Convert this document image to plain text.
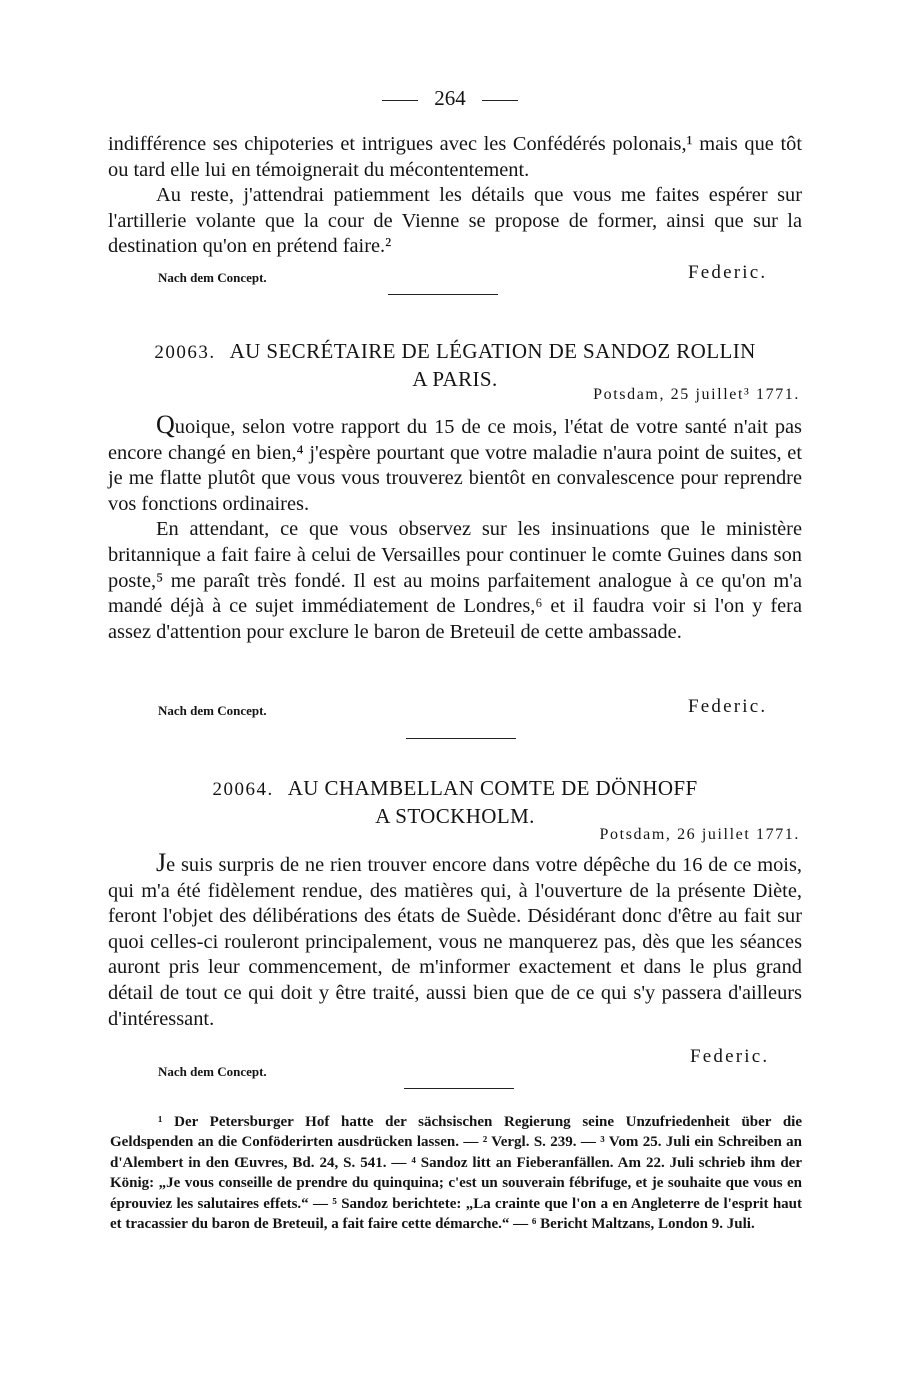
264

indifférence ses chipoteries et intrigues avec les Confédérés polonais,¹ mais que tôt ou tard elle lui en témoignerait du mécontentement.

Au reste, j'attendrai patiemment les détails que vous me faites espérer sur l'artillerie volante que la cour de Vienne se propose de former, ainsi que sur la destination qu'on en prétend faire.²

Nach dem Concept.	Federic.
20063. AU SECRÉTAIRE DE LÉGATION DE SANDOZ ROLLIN
A PARIS.
Potsdam, 25 juillet³ 1771.

Quoique, selon votre rapport du 15 de ce mois, l'état de votre santé n'ait pas encore changé en bien,⁴ j'espère pourtant que votre maladie n'aura point de suites, et je me flatte plutôt que vous vous trouverez bientôt en convalescence pour reprendre vos fonctions ordinaires.

En attendant, ce que vous observez sur les insinuations que le ministère britannique a fait faire à celui de Versailles pour continuer le comte Guines dans son poste,⁵ me paraît très fondé. Il est au moins parfaitement analogue à ce qu'on m'a mandé déjà à ce sujet immédiatement de Londres,⁶ et il faudra voir si l'on y fera assez d'attention pour exclure le baron de Breteuil de cette ambassade.

Nach dem Concept.	Federic.
20064. AU CHAMBELLAN COMTE DE DÖNHOFF
A STOCKHOLM.
Potsdam, 26 juillet 1771.

Je suis surpris de ne rien trouver encore dans votre dépêche du 16 de ce mois, qui m'a été fidèlement rendue, des matières qui, à l'ouverture de la présente Diète, feront l'objet des délibérations des états de Suède. Désidérant donc d'être au fait sur quoi celles-ci rouleront principalement, vous ne manquerez pas, dès que les séances auront pris leur commencement, de m'informer exactement et dans le plus grand détail de tout ce qui doit y être traité, aussi bien que de ce qui s'y passera d'ailleurs d'intéressant.

Nach dem Concept.
Federic.

¹ Der Petersburger Hof hatte der sächsischen Regierung seine Unzufriedenheit über die Geldspenden an die Conföderirten ausdrücken lassen. — ² Vergl. S. 239. — ³ Vom 25. Juli ein Schreiben an d'Alembert in den Œuvres, Bd. 24, S. 541. — ⁴ Sandoz litt an Fieberanfällen. Am 22. Juli schrieb ihm der König: „Je vous conseille de prendre du quinquina; c'est un souverain fébrifuge, et je souhaite que vous en éprouviez les salutaires effets.“ — ⁵ Sandoz berichtete: „La crainte que l'on a en Angleterre de l'esprit haut et tracassier du baron de Breteuil, a fait faire cette démarche.“ — ⁶ Bericht Maltzans, London 9. Juli.
